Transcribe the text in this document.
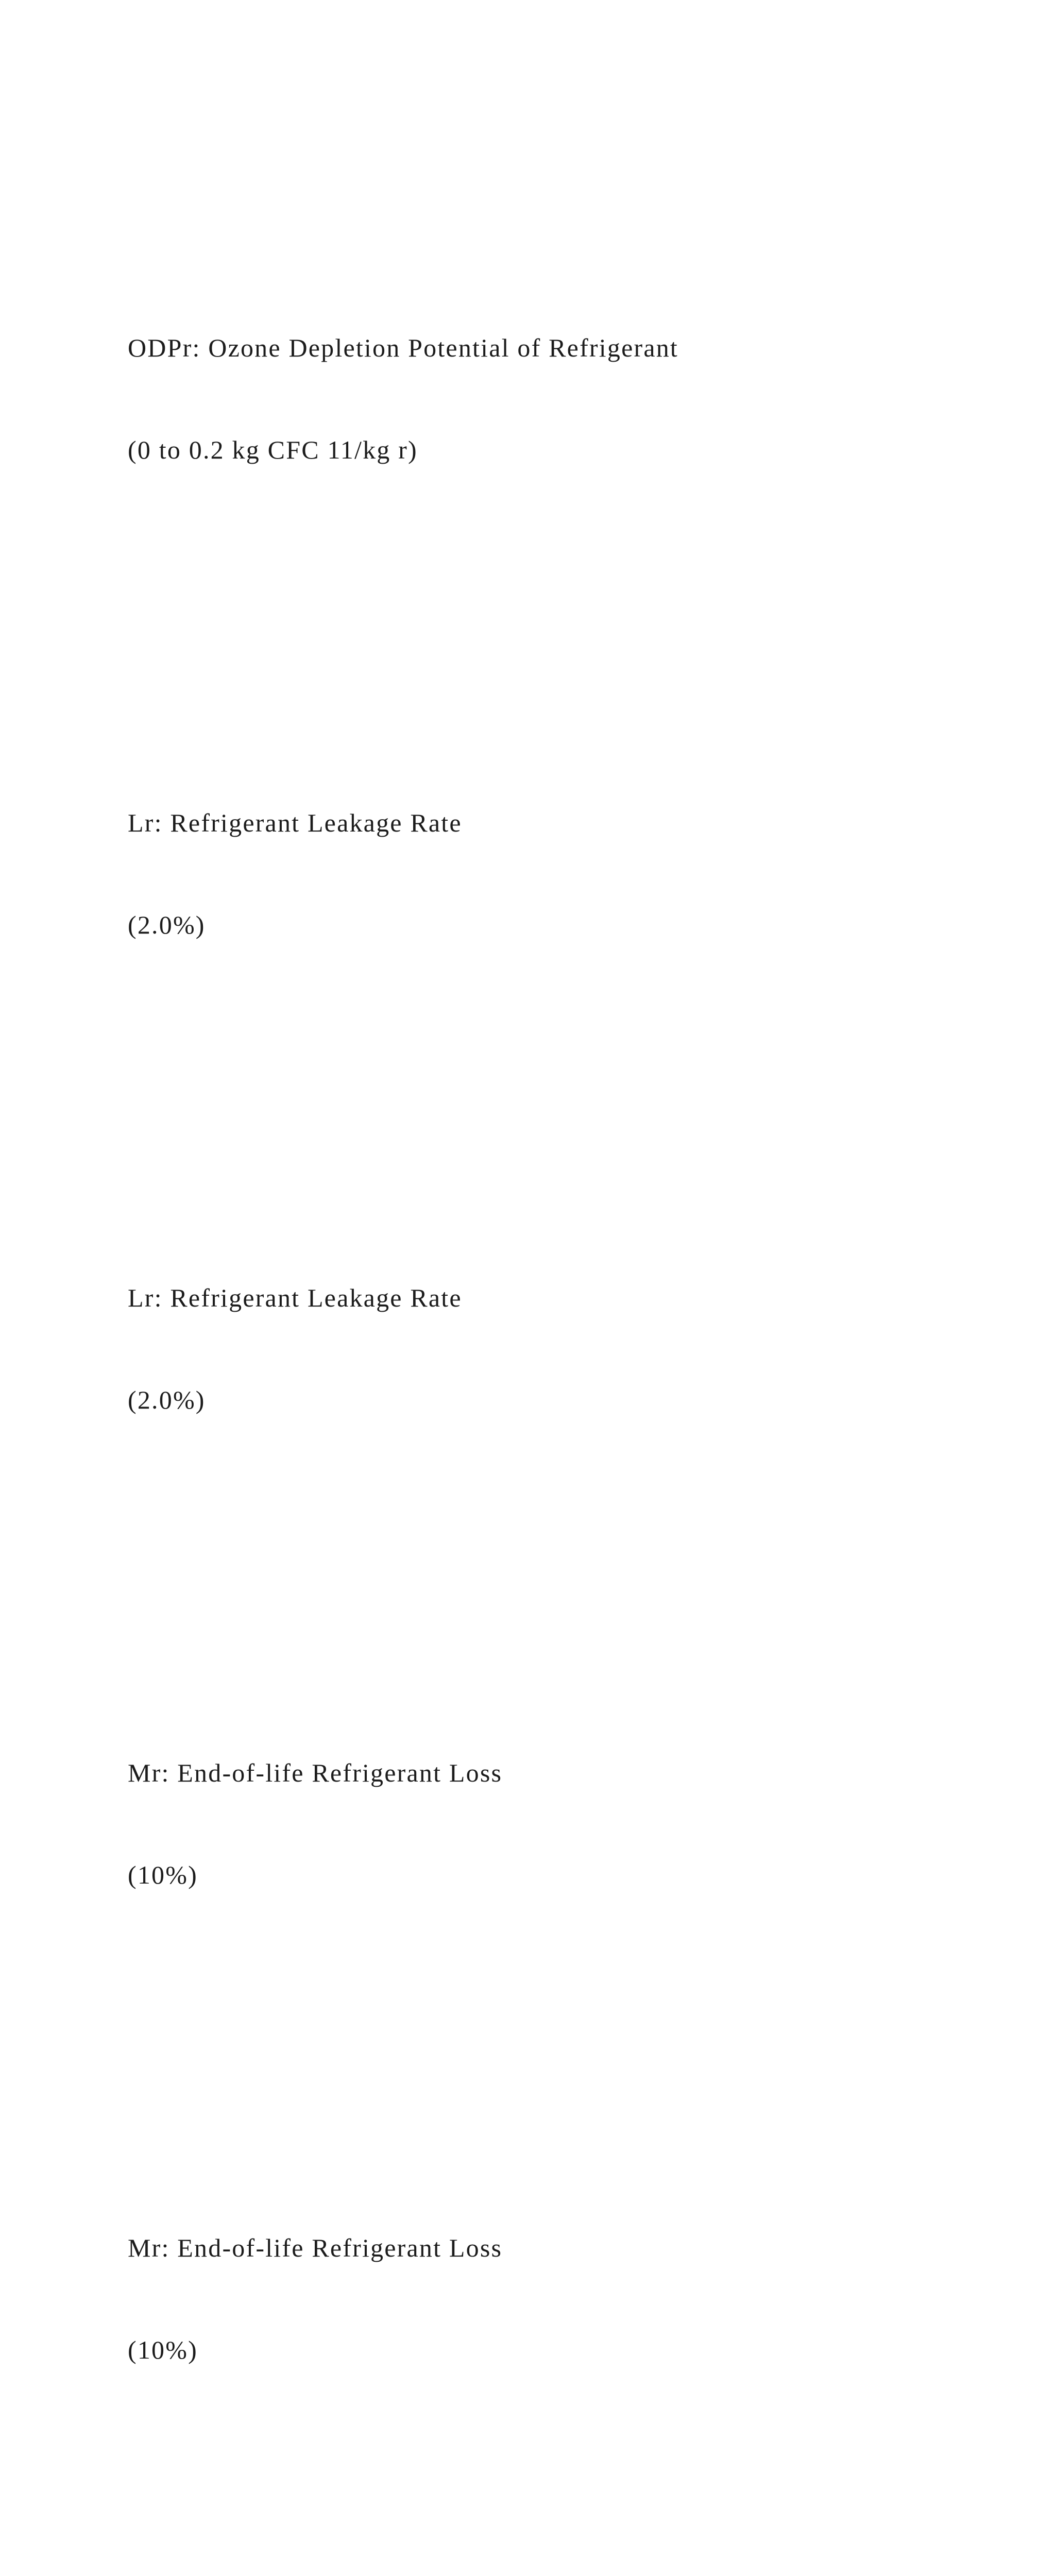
ODPr: Ozone Depletion Potential of Refrigerant

(0 to 0.2 kg CFC 11/kg r)

Lr: Refrigerant Leakage Rate

(2.0%)

Lr: Refrigerant Leakage Rate

(2.0%)

Mr: End-of-life Refrigerant Loss

(10%)

Mr: End-of-life Refrigerant Loss

(10%)
